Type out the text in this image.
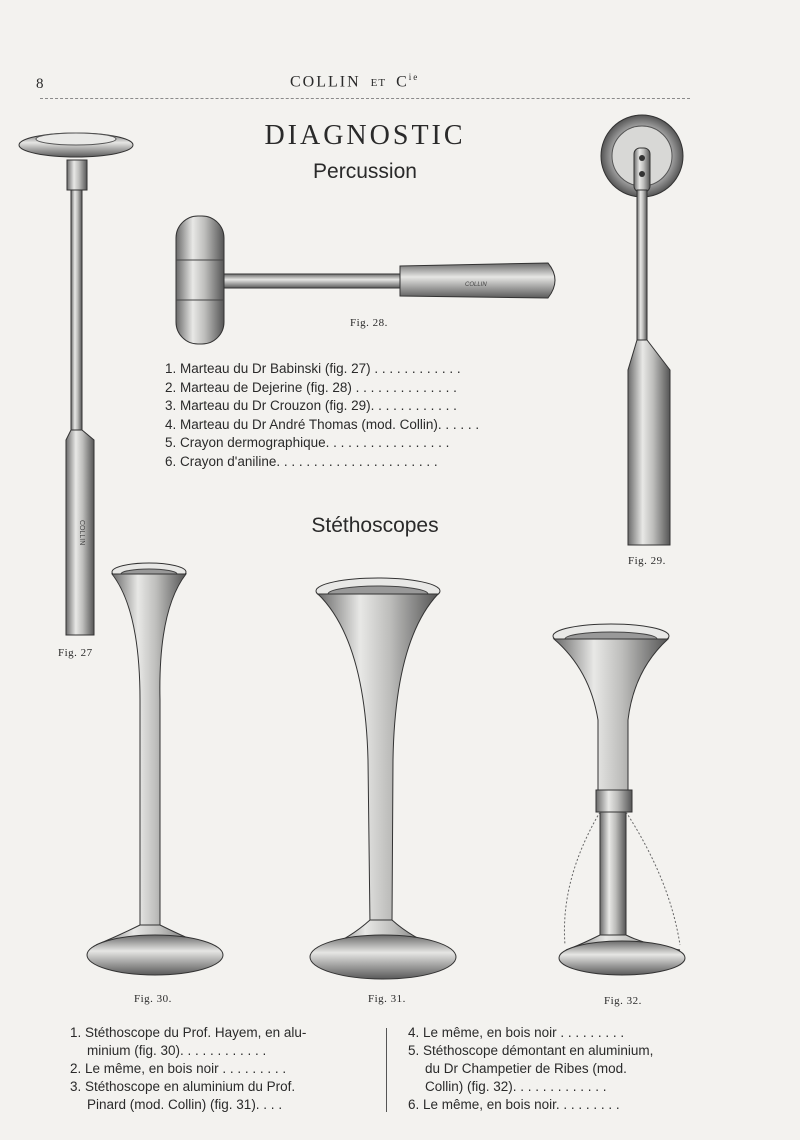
8	COLLIN ET $C^{ie}$
DIAGNOSTIC
Percussion
COLLIN
COLLIN
Fig. 28.
Fig. 29.
Fig. 27
Fig. 30.	Fig. 31.	Fig. 32.
1. Marteau du Dr Babinski (fig. 27) . . . . . . . . . . . .
2. Marteau de Dejerine (fig. 28) . . . . . . . . . . . . . .
3. Marteau du Dr Crouzon (fig. 29). . . . . . . . . . . .
4. Marteau du Dr André Thomas (mod. Collin). . . . . .
5. Crayon dermographique. . . . . . . . . . . . . . . . .
6. Crayon d'aniline. . . . . . . . . . . . . . . . . . . . . .
Stéthoscopes
1. Stéthoscope du Prof. Hayem, en alu-
minium (fig. 30). . . . . . . . . . . .
2. Le même, en bois noir . . . . . . . . .
3. Stéthoscope en aluminium du Prof.
Pinard (mod. Collin) (fig. 31). . . .
4. Le même, en bois noir . . . . . . . . .
5. Stéthoscope démontant en aluminium,
du Dr Champetier de Ribes (mod.
Collin) (fig. 32). . . . . . . . . . . . .
6. Le même, en bois noir. . . . . . . . .
